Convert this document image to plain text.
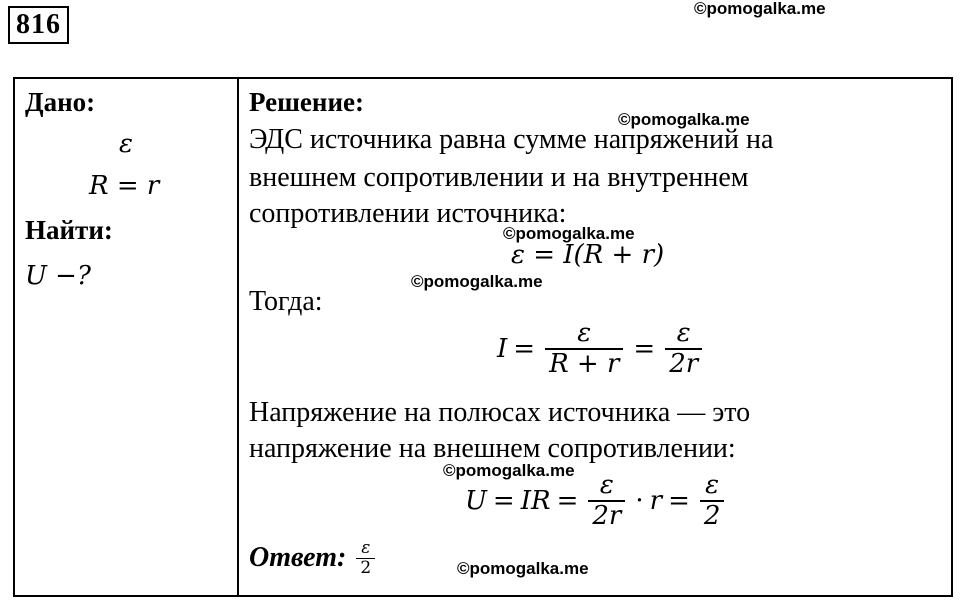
816
©pomogalka.me
Дано:
ε
R = r
Найти:
U −?
Решение:
©pomogalka.me
ЭДС источника равна сумме напряжений на
внешнем сопротивлении и на внутреннем
сопротивлении источника:
©pomogalka.me
ε = I(R + r)
©pomogalka.me
Тогда:
$I = \frac{\varepsilon}{R + r} = \frac{\varepsilon}{2r}$
Напряжение на полюсах источника — это
напряжение на внешнем сопротивлении:
©pomogalka.me
U = IR = $\frac{\varepsilon}{2r} \cdot r = \frac{\varepsilon}{2}$
Ответ: $\frac{\varepsilon}{2}$	©pomogalka.me
